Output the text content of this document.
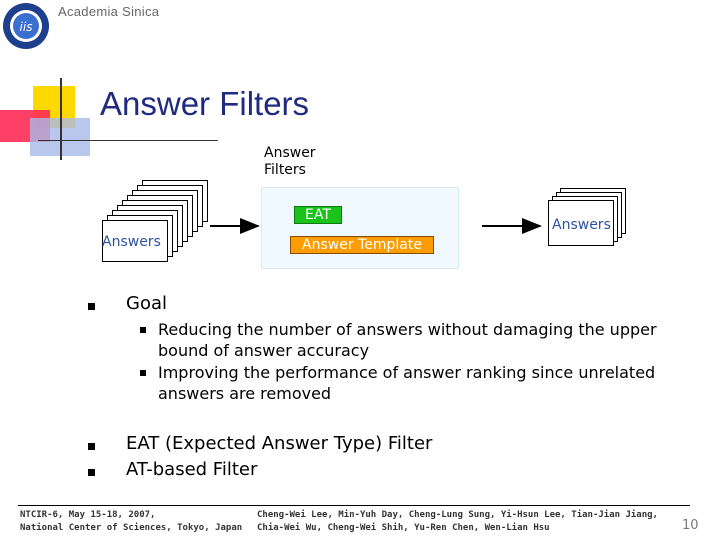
iis
Academia Sinica
Answer Filters
Answer
Filters
EAT
Answer Template
Answers
Answers
Goal
Reducing the number of answers without damaging the upper bound of answer accuracy
Improving the performance of answer ranking since unrelated answers are removed
EAT (Expected Answer Type) Filter
AT-based Filter
NTCIR-6, May 15-18, 2007,
National Center of Sciences, Tokyo, Japan
Cheng-Wei Lee, Min-Yuh Day, Cheng-Lung Sung, Yi-Hsun Lee, Tian-Jian Jiang,
Chia-Wei Wu, Cheng-Wei Shih, Yu-Ren Chen, Wen-Lian Hsu	10
